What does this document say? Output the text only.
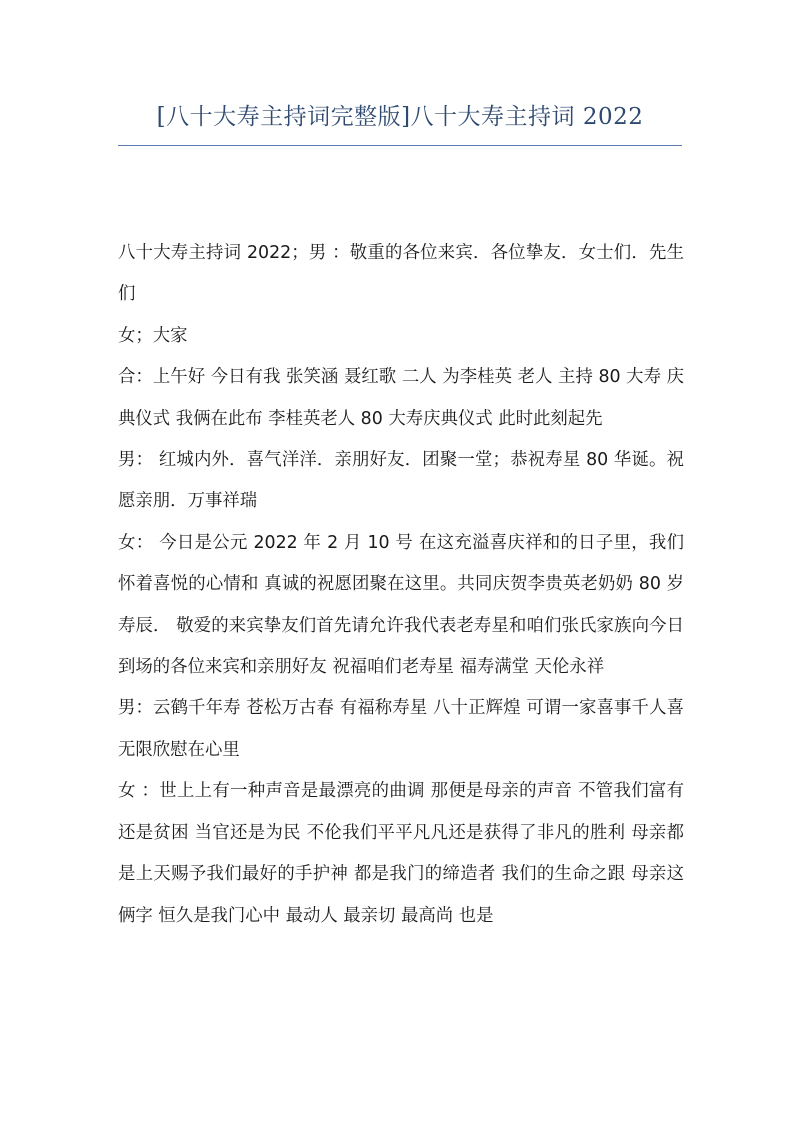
[八十大寿主持词完整版]八十大寿主持词 2022

八十大寿主持词 2022；男 ：敬重的各位来宾．各位挚友．女士们．先生们

女；大家

合：上午好 今日有我 张笑涵 聂红歌 二人 为李桂英 老人 主持 80 大寿 庆典仪式 我俩在此布 李桂英老人 80 大寿庆典仪式 此时此刻起先

男： 红城内外．喜气洋洋．亲朋好友．团聚一堂；恭祝寿星 80 华诞。祝愿亲朋．万事祥瑞

女： 今日是公元 2022 年 2 月 10 号 在这充溢喜庆祥和的日子里，我们怀着喜悦的心情和 真诚的祝愿团聚在这里。共同庆贺李贵英老奶奶 80 岁寿辰． 敬爱的来宾挚友们首先请允许我代表老寿星和咱们张氏家族向今日到场的各位来宾和亲朋好友 祝福咱们老寿星 福寿满堂 天伦永祥

男：云鹤千年寿 苍松万古春 有福称寿星 八十正辉煌 可谓一家喜事千人喜 无限欣慰在心里

女 ：世上上有一种声音是最漂亮的曲调 那便是母亲的声音 不管我们富有还是贫困 当官还是为民 不伦我们平平凡凡还是获得了非凡的胜利 母亲都是上天赐予我们最好的手护神 都是我门的缔造者 我们的生命之跟 母亲这俩字 恒久是我门心中 最动人 最亲切 最高尚 也是
